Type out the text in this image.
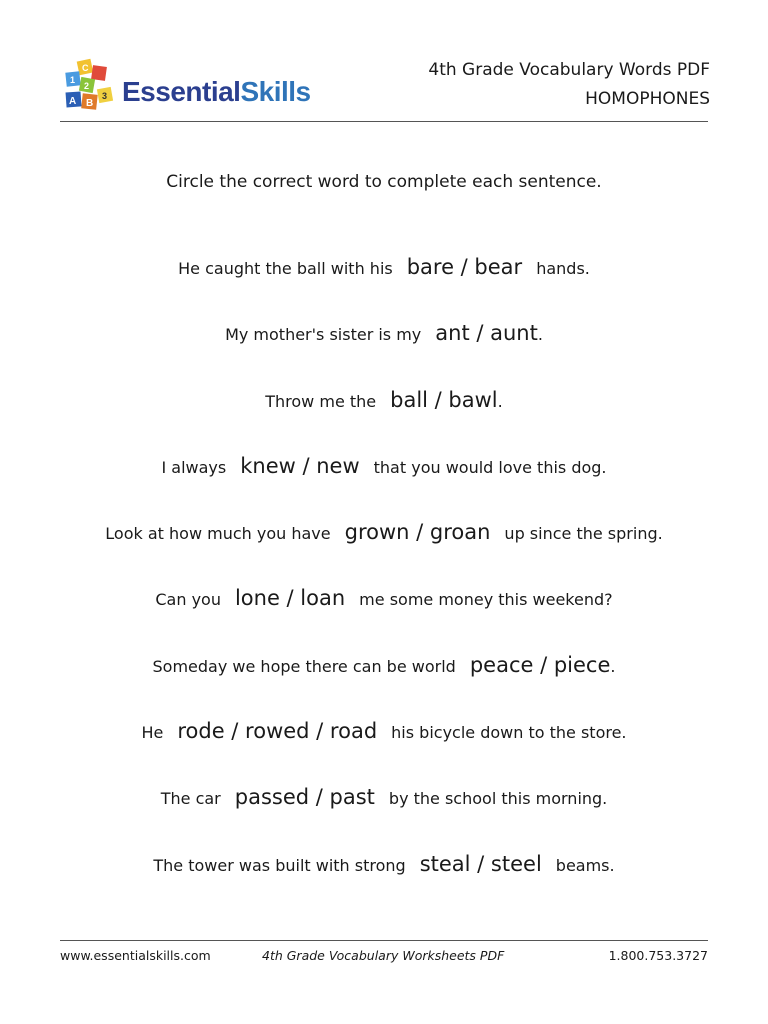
A B
C
1
2
3 EssentialSkills
4th Grade Vocabulary Words PDF
HOMOPHONES
Circle the correct word to complete each sentence.
He caught the ball with his bare / bear hands.
My mother's sister is my ant / aunt .
Throw me the ball / bawl .
I always knew / new that you would love this dog.
Look at how much you have grown / groan up since the spring.
Can you lone / loan me some money this weekend?
Someday we hope there can be world peace / piece .
He rode / rowed / road his bicycle down to the store.
The car passed / past by the school this morning.
The tower was built with strong steal / steel beams.
www.essentialskills.com	4th Grade Vocabulary Worksheets PDF	1.800.753.3727
